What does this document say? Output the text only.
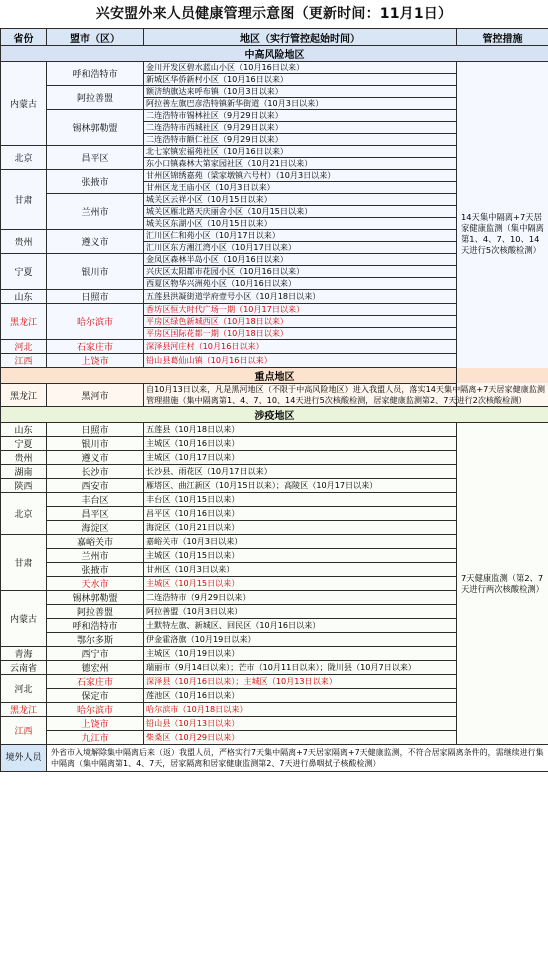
兴安盟外来人员健康管理示意图（更新时间：11月1日）
省份	盟市（区）	地区（实行管控起始时间）	管控措施
中高风险地区			
内蒙古	呼和浩特市	金川开发区碧水蓝山小区（10月16日以来）	14天集中隔离+7天居家健康监测（集中隔离第1、4、7、10、14天进行5次核酸检测）
		新城区华侨新村小区（10月16日以来）	
	阿拉善盟	额济纳旗达来呼布镇（10月3日以来）	
		阿拉善左旗巴彦浩特镇新华街道（10月3日以来）	
	锡林郭勒盟	二连浩特市锡林社区（9月29日以来）	
		二连浩特市西城社区（9月29日以来）	
		二连浩特市额仁社区（9月29日以来）	
北京	昌平区	北七家镇宏福苑社区（10月16日以来）	
		东小口镇森林大第家园社区（10月21日以来）	
甘肃	张掖市	甘州区锦绣嘉苑（梁家墩镇六号村）（10月3日以来）	
		甘州区龙王庙小区（10月3日以来）	
	兰州市	城关区云祥小区（10月15日以来）	
		城关区雁北路天庆丽舍小区（10月15日以来）	
		城关区东湖小区（10月15日以来）	
贵州	遵义市	汇川区仁和苑小区（10月17日以来）	
		汇川区东方湘江湾小区（10月17日以来）	
宁夏	银川市	金凤区森林半岛小区（10月16日以来）	
		兴庆区太阳都市花园小区（10月16日以来）	
		西夏区物华兴洲苑小区（10月16日以来）	
山东	日照市	五莲县洪凝街道学府壹号小区（10月18日以来）	
黑龙江	哈尔滨市	香坊区恒大时代广场一期（10月17日以来）	
		平房区绿色新城西区（10月18日以来）	
		平房区国际花都一期（10月18日以来）	
河北	石家庄市	深泽县河庄村（10月16日以来）	
江西	上饶市	铅山县葛仙山镇（10月16日以来）	
重点地区			
黑龙江	黑河市	自10月13日以来，凡是黑河地区（不限于中高风险地区）进入我盟人员，落实14天集中隔离+7天居家健康监测管理措施（集中隔离第1、4、7、10、14天进行5次核酸检测，居家健康监测第2、7天进行2次核酸检测）	
涉疫地区			
山东	日照市	五莲县（10月18日以来）	7天健康监测（第2、7天进行两次核酸检测）
宁夏	银川市	主城区（10月16日以来）	
贵州	遵义市	主城区（10月17日以来）	
湖南	长沙市	长沙县、雨花区（10月17日以来）	
陕西	西安市	雁塔区、曲江新区（10月15日以来）；高陵区（10月17日以来）	
北京	丰台区	丰台区（10月15日以来）	
	昌平区	昌平区（10月16日以来）	
	海淀区	海淀区（10月21日以来）	
甘肃	嘉峪关市	嘉峪关市（10月3日以来）	
	兰州市	主城区（10月15日以来）	
	张掖市	甘州区（10月3日以来）	
	天水市	主城区（10月15日以来）	
内蒙古	锡林郭勒盟	二连浩特市（9月29日以来）	
	阿拉善盟	阿拉善盟（10月3日以来）	
	呼和浩特市	土默特左旗、新城区、回民区（10月16日以来）	
	鄂尔多斯	伊金霍洛旗（10月19日以来）	
青海	西宁市	主城区（10月19日以来）	
云南省	德宏州	瑞丽市（9月14日以来）；芒市（10月11日以来）；陇川县（10月7日以来）	
河北	石家庄市	深泽县（10月16日以来）；主城区（10月13日以来）	
	保定市	莲池区（10月16日以来）	
黑龙江	哈尔滨市	哈尔滨市（10月18日以来）	
江西	上饶市	铅山县（10月13日以来）	
	九江市	柴桑区（10月29日以来）	
境外人员	外省市入境解除集中隔离后来（返）我盟人员，严格实行7天集中隔离+7天居家隔离+7天健康监测，不符合居家隔离条件的，需继续进行集中隔离（集中隔离第1、4、7天，居家隔离和居家健康监测第2、7天进行鼻咽拭子核酸检测）		
